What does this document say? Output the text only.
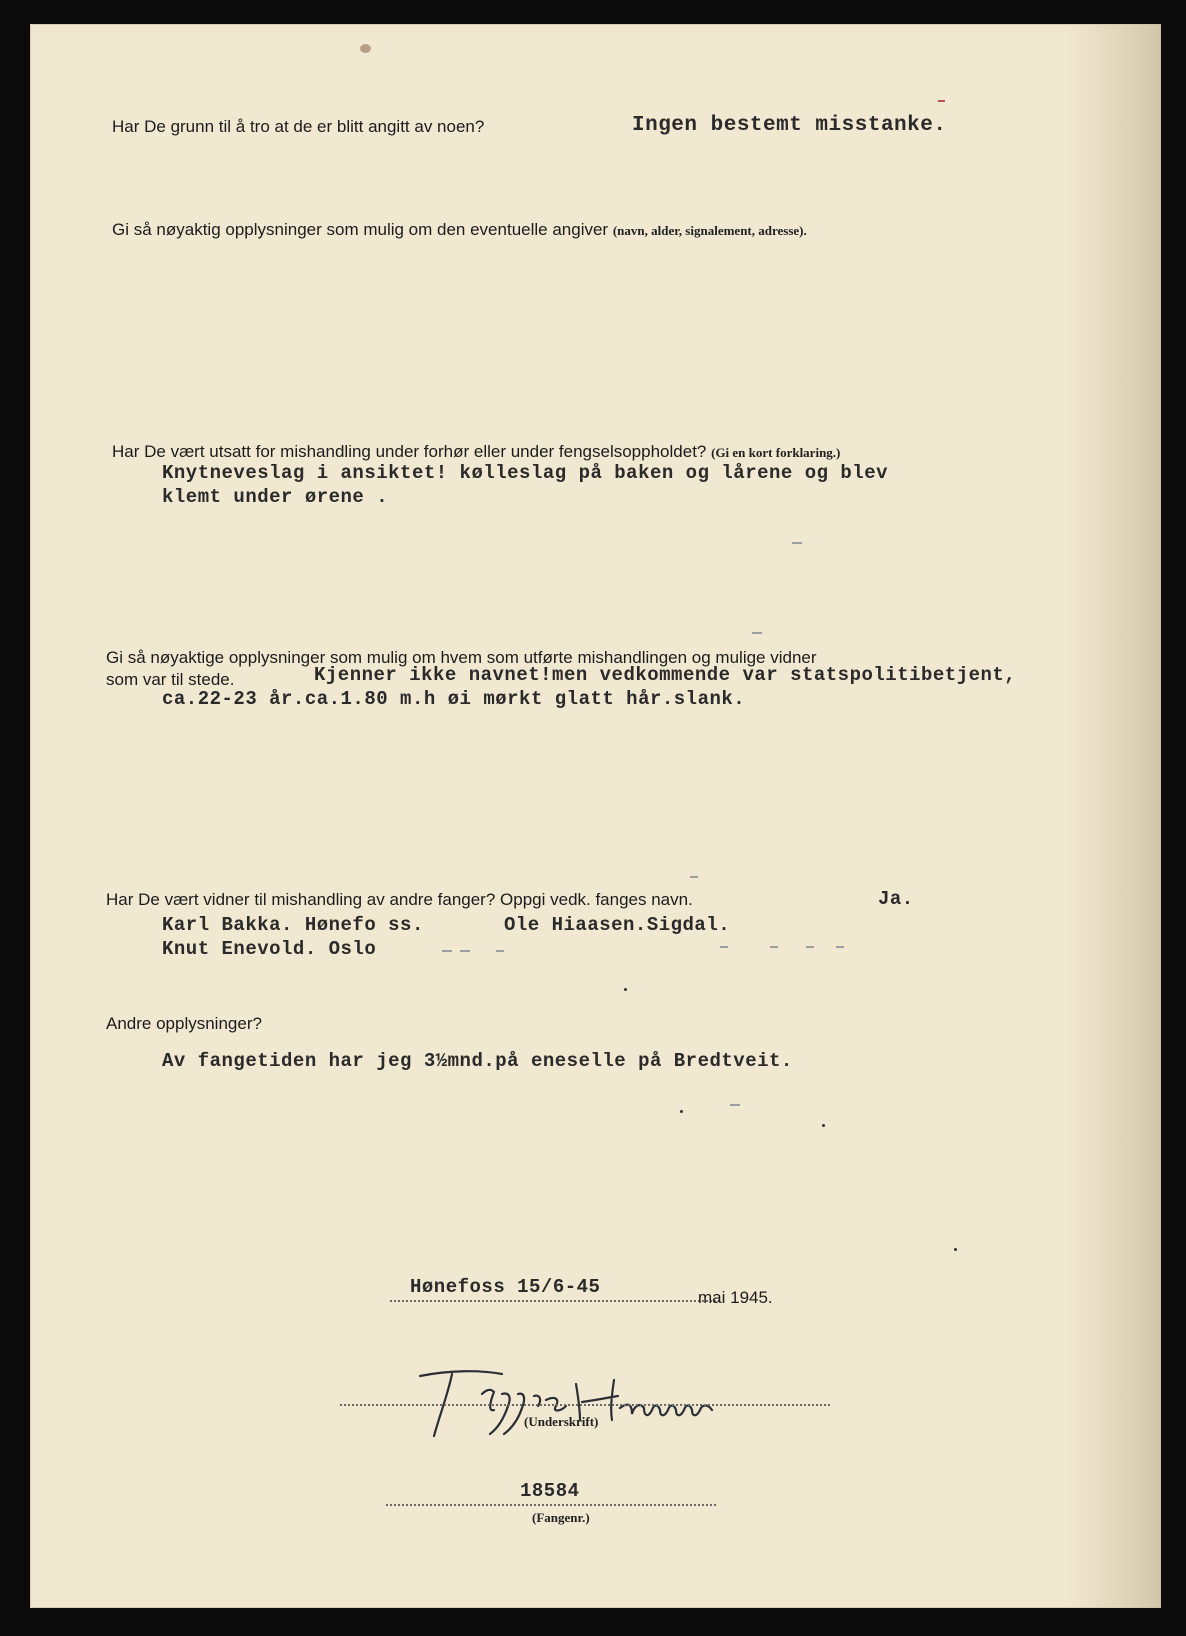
Har De grunn til å tro at de er blitt angitt av noen?	Ingen bestemt misstanke.
Gi så nøyaktig opplysninger som mulig om den eventuelle angiver (navn, alder, signalement, adresse).
Har De vært utsatt for mishandling under forhør eller under fengselsoppholdet? (Gi en kort forklaring.)
Knytneveslag i ansiktet! kølleslag på baken og lårene og blev
klemt under ørene .
Gi så nøyaktige opplysninger som mulig om hvem som utførte mishandlingen og mulige vidner
som var til stede.	Kjenner ikke navnet!men vedkommende var statspolitibetjent,
ca.22-23 år.ca.1.80 m.h øi mørkt glatt hår.slank.
Har De vært vidner til mishandling av andre fanger? Oppgi vedk. fanges navn.	Ja.
Karl Bakka. Hønefo ss.	Ole Hiaasen.Sigdal.
Knut Enevold. Oslo
Andre opplysninger?
Av fangetiden har jeg 3½mnd.på eneselle på Bredtveit.
Hønefoss 15/6-45	mai 1945.
(Underskrift)
18584
(Fangenr.)
